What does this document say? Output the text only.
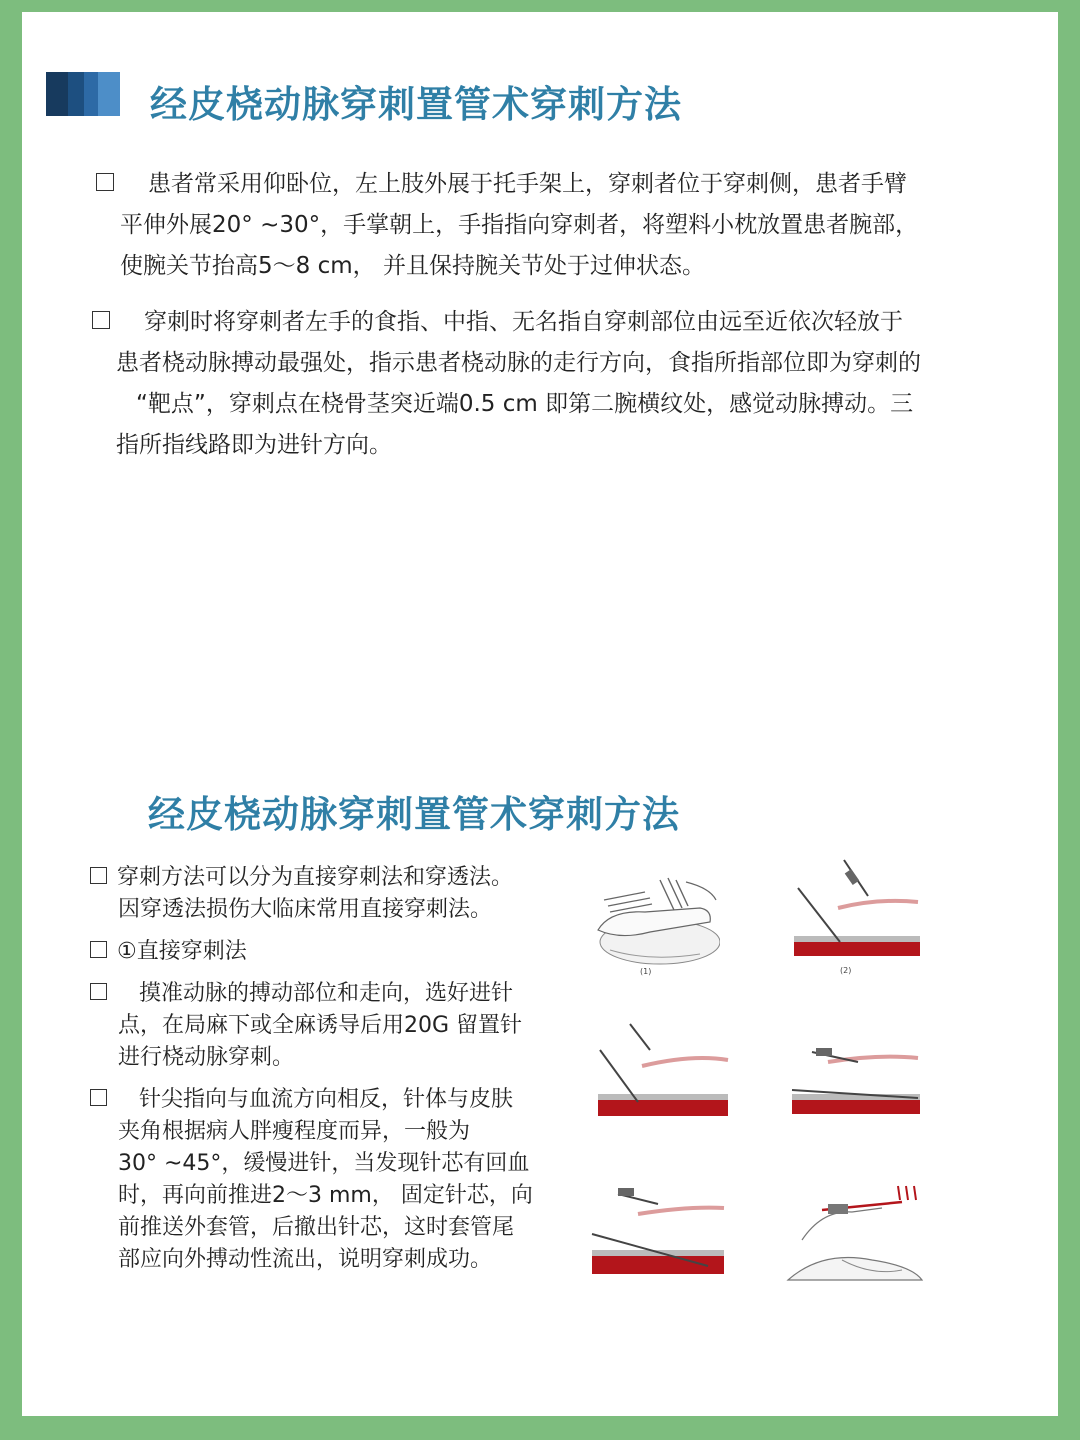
经皮桡动脉穿刺置管术穿刺方法
患者常采用仰卧位，左上肢外展于托手架上，穿刺者位于穿刺侧，患者手臂
平伸外展20° ~30°，手掌朝上，手指指向穿刺者，将塑料小枕放置患者腕部，
使腕关节抬高5～8 cm， 并且保持腕关节处于过伸状态。
穿刺时将穿刺者左手的食指、中指、无名指自穿刺部位由远至近依次轻放于
患者桡动脉搏动最强处，指示患者桡动脉的走行方向，食指所指部位即为穿刺的
“靶点”，穿刺点在桡骨茎突近端0.5 cm 即第二腕横纹处，感觉动脉搏动。三
指所指线路即为进针方向。
经皮桡动脉穿刺置管术穿刺方法
穿刺方法可以分为直接穿刺法和穿透法。
因穿透法损伤大临床常用直接穿刺法。
①直接穿刺法
摸准动脉的搏动部位和走向，选好进针
点，在局麻下或全麻诱导后用20G 留置针
进行桡动脉穿刺。
针尖指向与血流方向相反，针体与皮肤
夹角根据病人胖瘦程度而异，一般为
30° ~45°，缓慢进针，当发现针芯有回血
时，再向前推进2～3 mm， 固定针芯，向
前推送外套管，后撤出针芯，这时套管尾
部应向外搏动性流出，说明穿刺成功。
(1)	(2)
